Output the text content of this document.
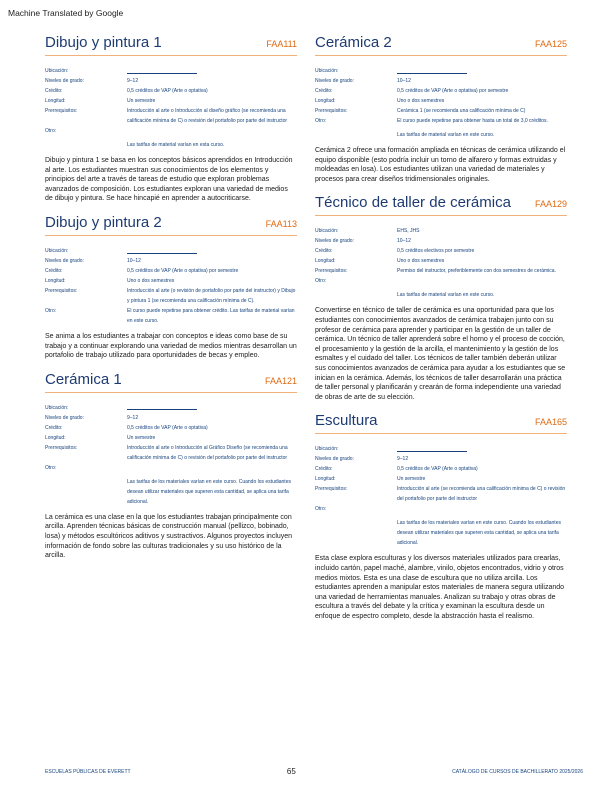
Machine Translated by Google
Dibujo y pintura 1	FAA111
Ubicación:
Niveles de grado:	9–12
Crédito:	0,5 créditos de VAP (Arte o optativa)
Longitud:	Un semestre
Prerrequisitos:	Introducción al arte o Introducción al diseño gráfico (se recomienda una calificación mínima de C) o revisión del portafolio por parte del instructor
Otro:
Las tarifas de material varían en esta curso.
Dibujo y pintura 1 se basa en los conceptos básicos aprendidos en Introducción al arte. Los estudiantes muestran sus conocimientos de los elementos y principios del arte a través de tareas de estudio que exploran problemas avanzados de composición. Los estudiantes exploran una variedad de medios de dibujo y pintura. Se hace hincapié en aprender a autocriticarse.
Dibujo y pintura 2	FAA113
Ubicación:
Niveles de grado:	10–12
Crédito:	0,5 créditos de VAP (Arte o optativa) por semestre
Longitud:	Uno o dos semestres
Prerrequisitos:	Introducción al arte (o revisión de portafolio por parte del instructor) y Dibujo y pintura 1 (se recomienda una calificación mínima de C).
Otro:	El curso puede repetirse para obtener crédito. Las tarifas de material varían en este curso.
Se anima a los estudiantes a trabajar con conceptos e ideas como base de su trabajo y a continuar explorando una variedad de medios mientras desarrollan un portafolio de trabajo utilizado para oportunidades de becas y empleo.
Cerámica 1	FAA121
Ubicación:
Niveles de grado:	9–12
Crédito:	0,5 créditos de VAP (Arte o optativa)
Longitud:	Un semestre
Prerrequisitos:	Introducción al arte o Introducción al Gráfico Diseño (se recomienda una calificación mínima de C) o revisión del portafolio por parte del instructor
Otro:
Las tarifas de los materiales varían en este curso. Cuando los estudiantes desean utilizar materiales que superen esta cantidad, se aplica una tarifa adicional.
La cerámica es una clase en la que los estudiantes trabajan principalmente con arcilla. Aprenden técnicas básicas de construcción manual (pellizco, bobinado, losa) y métodos escultóricos aditivos y sustractivos. Algunos proyectos incluyen información de fondo sobre las culturas tradicionales y su uso histórico de la arcilla.
Cerámica 2	FAA125
Ubicación:
Niveles de grado:	10–12
Crédito:	0,5 créditos de VAP (Arte o optativa) por semestre
Longitud:	Uno o dos semestres
Prerrequisitos:	Cerámica 1 (se recomienda una calificación mínima de C)
Otro:	El curso puede repetirse para obtener hasta un total de 3,0 créditos.
Las tarifas de material varían en este curso.
Cerámica 2 ofrece una formación ampliada en técnicas de cerámica utilizando el equipo disponible (esto podría incluir un torno de alfarero y formas extruidas y moldeadas en losa). Los estudiantes utilizan una variedad de materiales y procesos para crear diseños tridimensionales originales.
Técnico de taller de cerámica	FAA129
Ubicación:	EHS, JHS
Niveles de grado:	10–12
Crédito:	0,5 créditos electivos por semestre
Longitud:	Uno o dos semestres
Prerrequisitos:	Permiso del instructor, preferiblemente con dos semestres de cerámica.
Otro:
Las tarifas de material varían en este curso.
Convertirse en técnico de taller de cerámica es una oportunidad para que los estudiantes con conocimientos avanzados de cerámica trabajen junto con su profesor de cerámica para aprender y participar en la gestión de un taller de cerámica. Un técnico de taller aprenderá sobre el horno y el proceso de cocción, el procesamiento y la gestión de la arcilla, el mantenimiento y la gestión de los esmaltes y el cuidado del taller. Los técnicos de taller también deberán utilizar sus conocimientos avanzados de cerámica para ayudar a los estudiantes que se inician en la cerámica. Además, los técnicos de taller desarrollarán una práctica de taller personal y planificarán y crearán de forma independiente una variedad de obras de arte de su elección.
Escultura	FAA165
Ubicación:
Niveles de grado:	9–12
Crédito:	0,5 créditos de VAP (Arte o optativa)
Longitud:	Un semestre
Prerrequisitos:	Introducción al arte (se recomienda una calificación mínima de C) o revisión del portafolio por parte del instructor
Otro:
Las tarifas de los materiales varían en este curso. Cuando los estudiantes desean utilizar materiales que superen esta cantidad, se aplica una tarifa adicional.
Esta clase explora esculturas y los diversos materiales utilizados para crearlas, incluido cartón, papel maché, alambre, vinilo, objetos encontrados, vidrio y otros medios mixtos. Esta es una clase de escultura que no utiliza arcilla. Los estudiantes aprenden a manipular estos materiales de manera segura utilizando una variedad de herramientas manuales. Analizan su trabajo y otras obras de escultura a través del debate y la crítica y examinan la escultura desde un enfoque de espectro completo, desde la abstracción hasta el realismo.
ESCUELAS PÚBLICAS DE EVERETT	65	CATÁLOGO DE CURSOS DE BACHILLERATO 2025/2026
